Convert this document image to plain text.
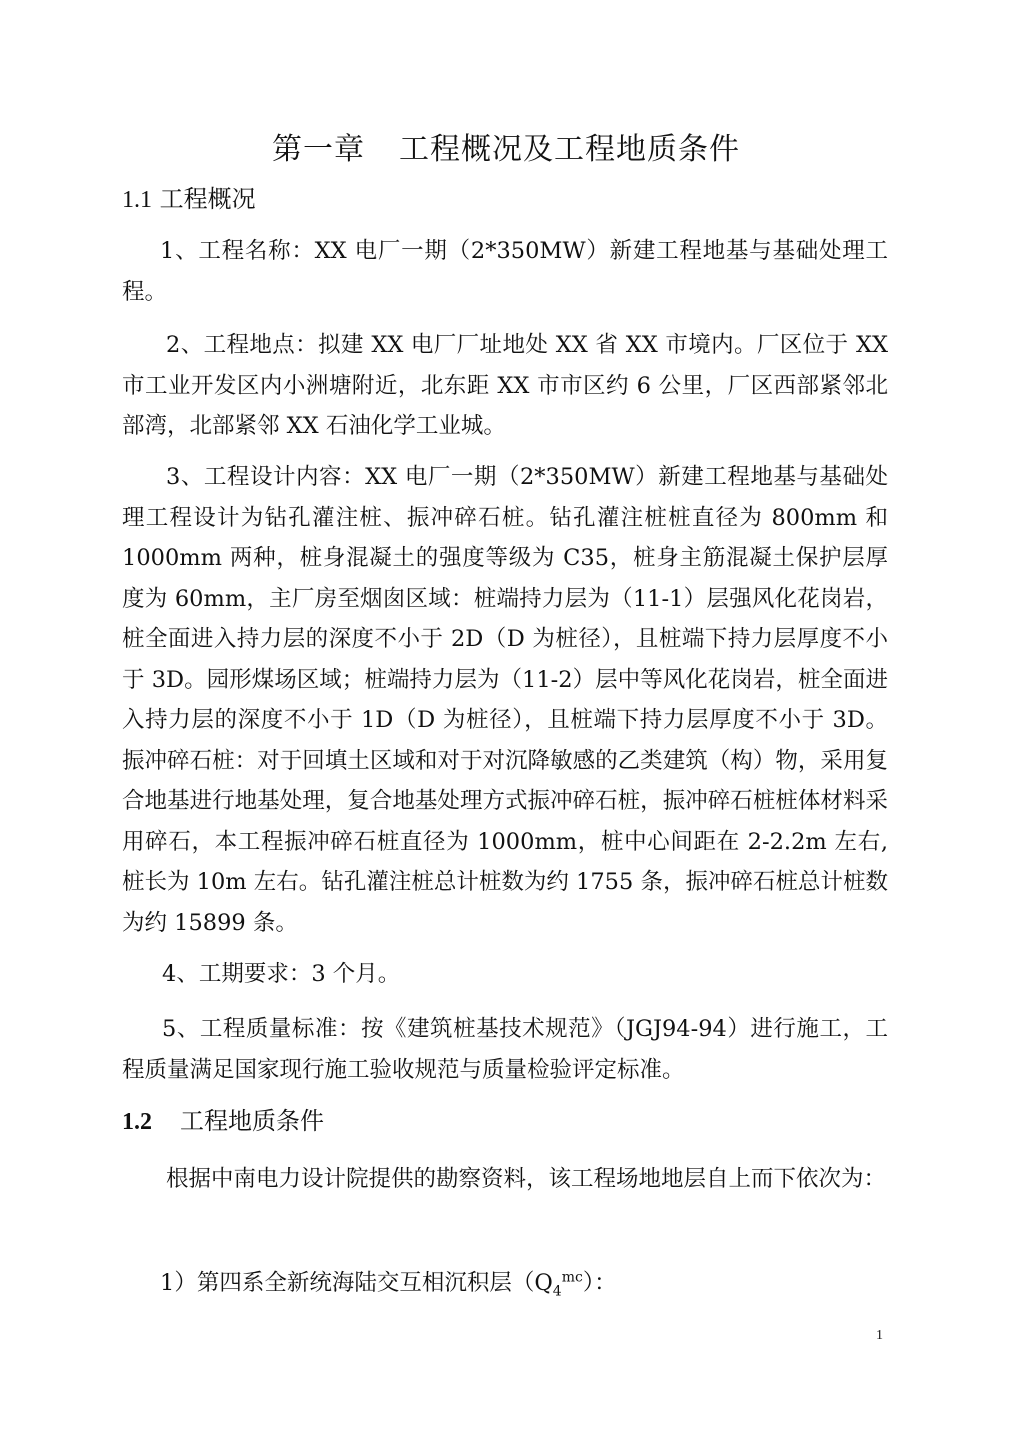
第一章 工程概况及工程地质条件
1.1 工程概况

1、工程名称：XX 电厂一期（2*350MW）新建工程地基与基础处理工程。

2、工程地点：拟建 XX 电厂厂址地处 XX 省 XX 市境内。厂区位于 XX 市工业开发区内小洲塘附近，北东距 XX 市市区约 6 公里，厂区西部紧邻北部湾，北部紧邻 XX 石油化学工业城。

3、工程设计内容：XX 电厂一期（2*350MW）新建工程地基与基础处理工程设计为钻孔灌注桩、振冲碎石桩。钻孔灌注桩桩直径为 800mm 和 1000mm 两种，桩身混凝土的强度等级为 C35，桩身主筋混凝土保护层厚度为 60mm，主厂房至烟囱区域：桩端持力层为（11-1）层强风化花岗岩，桩全面进入持力层的深度不小于 2D（D 为桩径），且桩端下持力层厚度不小于 3D。园形煤场区域；桩端持力层为（11-2）层中等风化花岗岩，桩全面进入持力层的深度不小于 1D（D 为桩径），且桩端下持力层厚度不小于 3D。振冲碎石桩：对于回填土区域和对于对沉降敏感的乙类建筑（构）物，采用复合地基进行地基处理，复合地基处理方式振冲碎石桩，振冲碎石桩桩体材料采用碎石，本工程振冲碎石桩直径为 1000mm，桩中心间距在 2-2.2m 左右,桩长为 10m 左右。钻孔灌注桩总计桩数为约 1755 条，振冲碎石桩总计桩数为约 15899 条。

4、工期要求：3 个月。

5、工程质量标准：按《建筑桩基技术规范》（JGJ94-94）进行施工，工程质量满足国家现行施工验收规范与质量检验评定标准。

1.2 工程地质条件

根据中南电力设计院提供的勘察资料，该工程场地地层自上而下依次为：

1）第四系全新统海陆交互相沉积层$(Q_4^{mc})$：

1
